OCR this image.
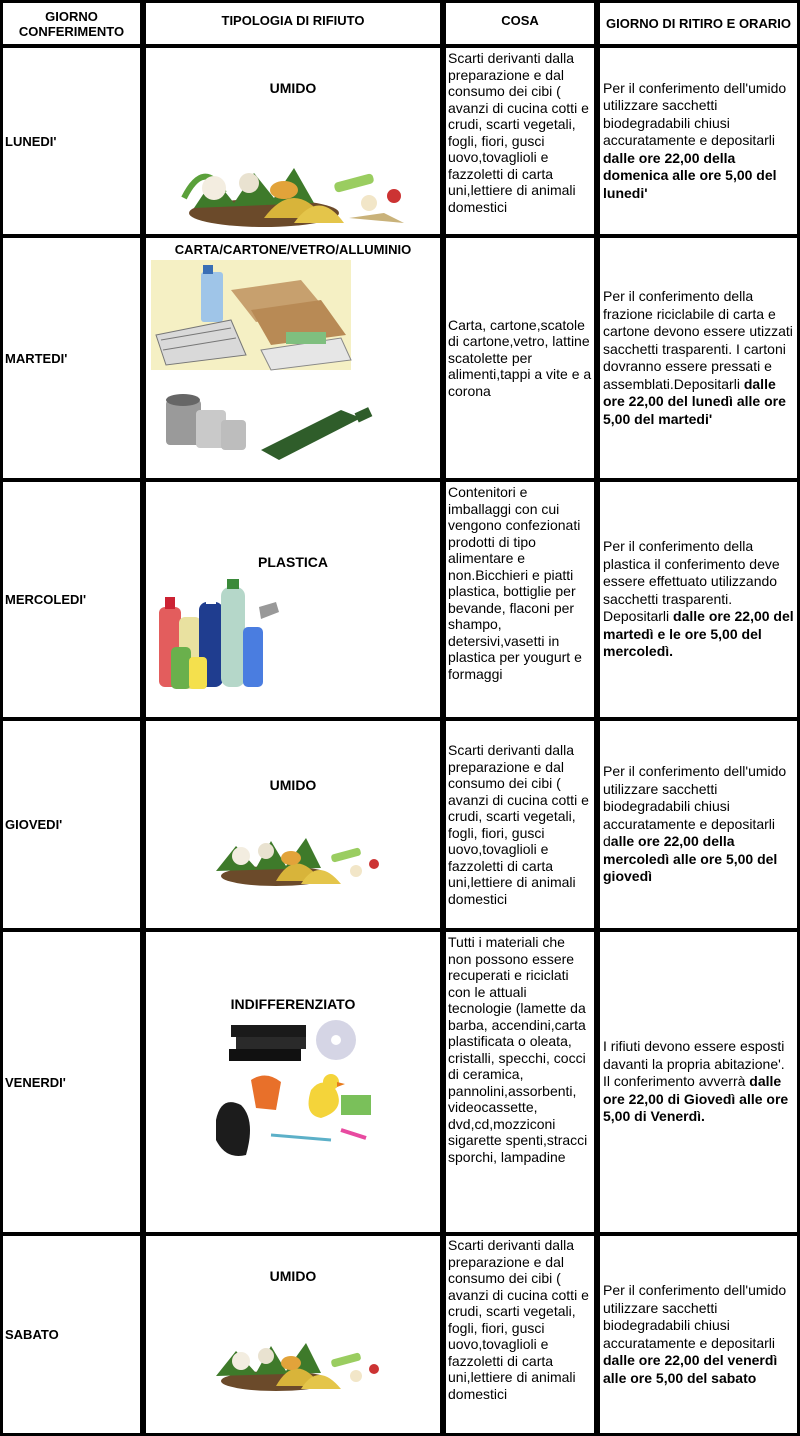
GIORNO CONFERIMENTO
TIPOLOGIA DI RIFIUTO	COSA	GIORNO DI RITIRO E ORARIO
LUNEDI'
UMIDO
Scarti derivanti dalla preparazione e dal consumo dei cibi ( avanzi di cucina cotti e crudi, scarti vegetali, fogli, fiori, gusci uovo,tovaglioli e fazzoletti di carta uni,lettiere di animali domestici
Per il conferimento dell'umido utilizzare sacchetti biodegradabili chiusi accuratamente e depositarli dalle ore 22,00 della domenica alle ore 5,00 del lunedi'
MARTEDI'
CARTA/CARTONE/VETRO/ALLUMINIO
Carta, cartone,scatole di cartone,vetro, lattine scatolette per alimenti,tappi a vite e a corona
Per il conferimento della frazione riciclabile di carta e cartone devono essere utizzati sacchetti trasparenti. I cartoni dovranno essere pressati e assemblati.Depositarli dalle ore 22,00 del lunedì alle ore 5,00 del martedi'
MERCOLEDI'
PLASTICA
Contenitori e imballaggi con cui vengono confezionati prodotti di tipo alimentare e non.Bicchieri e piatti plastica, bottiglie per bevande, flaconi per shampo, detersivi,vasetti in plastica per yougurt e formaggi
Per il conferimento della plastica il conferimento deve essere effettuato utilizzando sacchetti trasparenti. Depositarli dalle ore 22,00 del martedì e le ore 5,00 del mercoledì.
GIOVEDI'
UMIDO
Scarti derivanti dalla preparazione e dal consumo dei cibi ( avanzi di cucina cotti e crudi, scarti vegetali, fogli, fiori, gusci uovo,tovaglioli e fazzoletti di carta uni,lettiere di animali domestici
Per il conferimento dell'umido utilizzare sacchetti biodegradabili chiusi accuratamente e depositarli dalle ore 22,00 della mercoledì alle ore 5,00 del giovedì
VENERDI'
INDIFFERENZIATO
Tutti i materiali che non possono essere recuperati e riciclati con le attuali tecnologie (lamette da barba, accendini,carta plastificata o oleata, cristalli, specchi, cocci di ceramica, pannolini,assorbenti, videocassette, dvd,cd,mozziconi sigarette spenti,stracci sporchi, lampadine
I rifiuti devono essere esposti davanti la propria abitazione'. Il conferimento avverrà dalle ore 22,00 di Giovedì alle ore 5,00 di Venerdì.
SABATO
UMIDO
Scarti derivanti dalla preparazione e dal consumo dei cibi ( avanzi di cucina cotti e crudi, scarti vegetali, fogli, fiori, gusci uovo,tovaglioli e fazzoletti di carta uni,lettiere di animali domestici
Per il conferimento dell'umido utilizzare sacchetti biodegradabili chiusi accuratamente e depositarli dalle ore 22,00 del venerdì alle ore 5,00 del sabato
